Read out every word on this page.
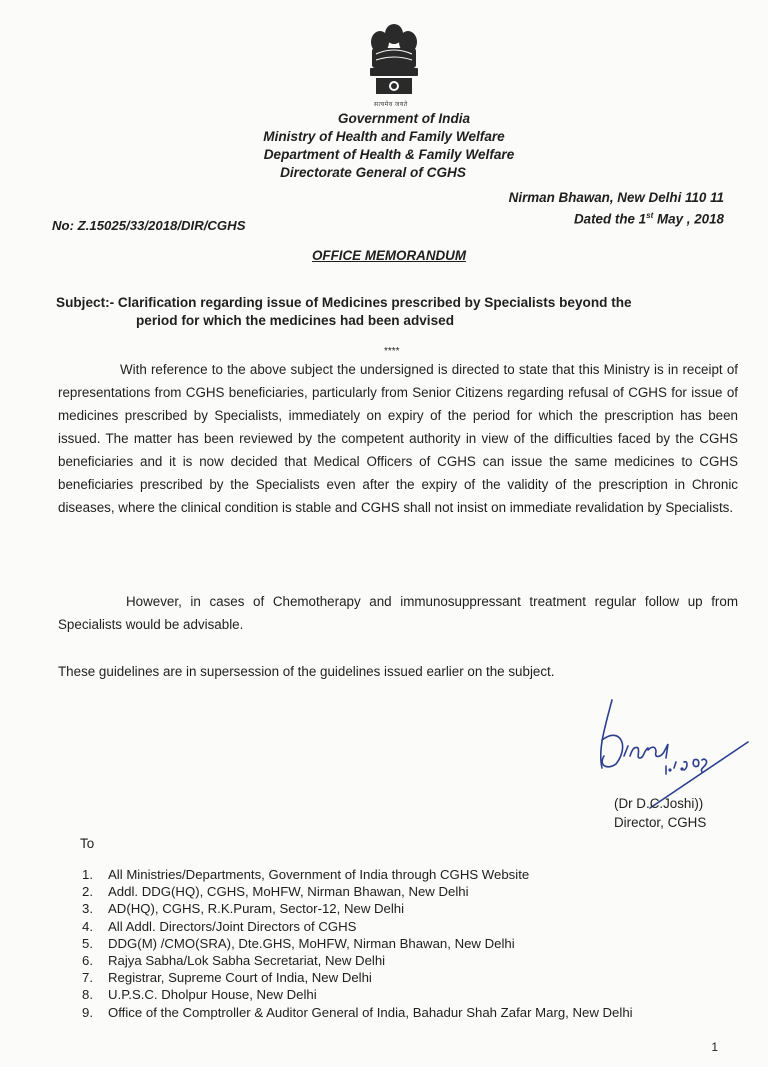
सत्यमेव जयते
Government of India
Ministry of Health and Family Welfare
Department of Health & Family Welfare
Directorate General of CGHS
Nirman Bhawan, New Delhi 110 11
Dated the 1st May , 2018
No: Z.15025/33/2018/DIR/CGHS
OFFICE MEMORANDUM
Subject:- Clarification regarding issue of Medicines prescribed by Specialists beyond the
period for which the medicines had been advised
****
With reference to the above subject the undersigned is directed to state that this Ministry is in receipt of representations from CGHS beneficiaries, particularly from Senior Citizens regarding refusal of CGHS for issue of medicines prescribed by Specialists, immediately on expiry of the period for which the prescription has been issued. The matter has been reviewed by the competent authority in view of the difficulties faced by the CGHS beneficiaries and it is now decided that Medical Officers of CGHS can issue the same medicines to CGHS beneficiaries prescribed by the Specialists even after the expiry of the validity of the prescription in Chronic diseases, where the clinical condition is stable and CGHS shall not insist on immediate revalidation by Specialists.
However, in cases of Chemotherapy and immunosuppressant treatment regular follow up from Specialists would be advisable.
These guidelines are in supersession of the guidelines issued earlier on the subject.
(Dr D.C.Joshi))
Director, CGHS
To
1.	All Ministries/Departments, Government of India through CGHS Website
2.	Addl. DDG(HQ), CGHS, MoHFW, Nirman Bhawan, New Delhi
3.	AD(HQ), CGHS, R.K.Puram, Sector-12, New Delhi
4.	All Addl. Directors/Joint Directors of CGHS
5.	DDG(M) /CMO(SRA), Dte.GHS, MoHFW, Nirman Bhawan, New Delhi
6.	Rajya Sabha/Lok Sabha Secretariat, New Delhi
7.	Registrar, Supreme Court of India, New Delhi
8.	U.P.S.C. Dholpur House, New Delhi
9.	Office of the Comptroller & Auditor General of India, Bahadur Shah Zafar Marg, New Delhi
1
